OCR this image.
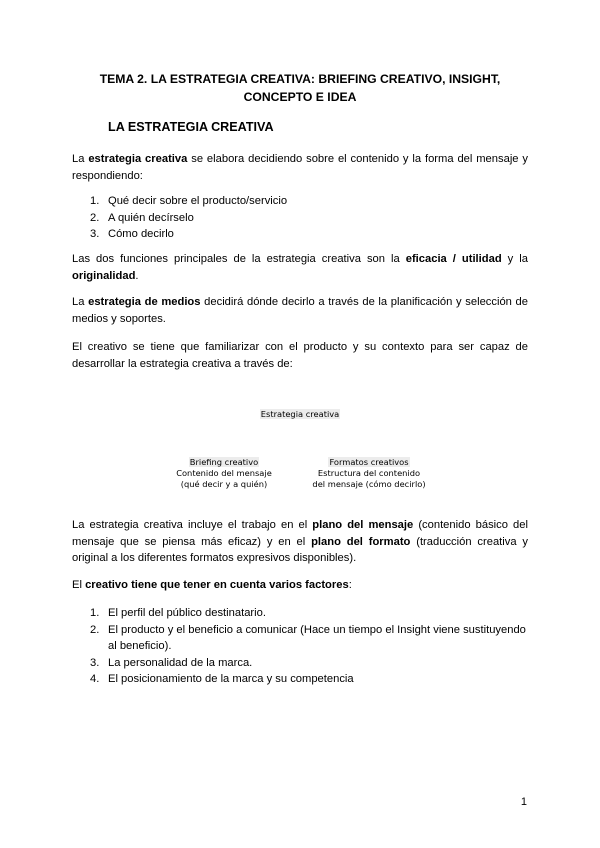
TEMA 2. LA ESTRATEGIA CREATIVA: BRIEFING CREATIVO, INSIGHT,
CONCEPTO E IDEA
LA ESTRATEGIA CREATIVA
La estrategia creativa se elabora decidiendo sobre el contenido y la forma del mensaje y respondiendo:
1. Qué decir sobre el producto/servicio
2. A quién decírselo
3. Cómo decirlo
Las dos funciones principales de la estrategia creativa son la eficacia / utilidad y la originalidad.
La estrategia de medios decidirá dónde decirlo a través de la planificación y selección de medios y soportes.
El creativo se tiene que familiarizar con el producto y su contexto para ser capaz de desarrollar la estrategia creativa a través de:
Estrategia creativa
Briefing creativo
Contenido del mensaje
(qué decir y a quién)
Formatos creativos
Estructura del contenido
del mensaje (cómo decirlo)
La estrategia creativa incluye el trabajo en el plano del mensaje (contenido básico del mensaje que se piensa más eficaz) y en el plano del formato (traducción creativa y original a los diferentes formatos expresivos disponibles).
El creativo tiene que tener en cuenta varios factores:
1. El perfil del público destinatario.
2. El producto y el beneficio a comunicar (Hace un tiempo el Insight viene sustituyendo al beneficio).
3. La personalidad de la marca.
4. El posicionamiento de la marca y su competencia
1
